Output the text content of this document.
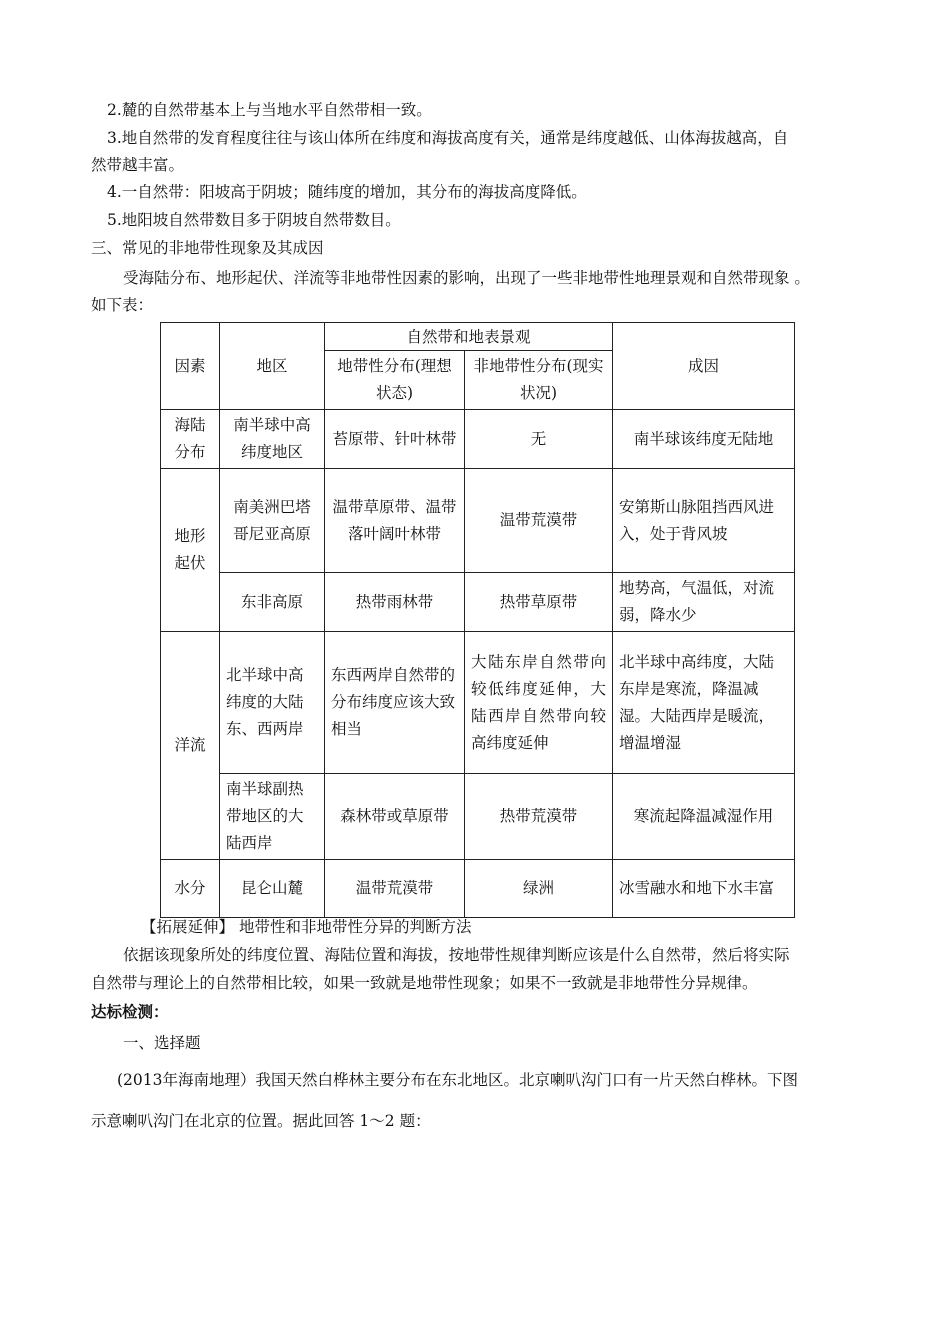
2.麓的自然带基本上与当地水平自然带相一致。
3.地自然带的发育程度往往与该山体所在纬度和海拔高度有关，通常是纬度越低、山体海拔越高，自
然带越丰富。
4.一自然带：阳坡高于阴坡；随纬度的增加，其分布的海拔高度降低。
5.地阳坡自然带数目多于阴坡自然带数目。
三、常见的非地带性现象及其成因
受海陆分布、地形起伏、洋流等非地带性因素的影响，出现了一些非地带性地理景观和自然带现象 。
如下表：
因素	地区	自然带和地表景观		成因
		地带性分布(理想状态)	非地带性分布(现实状况)	
海陆分布	南半球中高纬度地区	苔原带、针叶林带	无	南半球该纬度无陆地
地形起伏	南美洲巴塔哥尼亚高原	温带草原带、温带落叶阔叶林带	温带荒漠带	安第斯山脉阻挡西风进入，处于背风坡
	东非高原	热带雨林带	热带草原带	地势高，气温低，对流弱，降水少
洋流	北半球中高纬度的大陆东、西两岸	东西两岸自然带的分布纬度应该大致相当	大陆东岸自然带向较低纬度延伸，大陆西岸自然带向较高纬度延伸	北半球中高纬度，大陆东岸是寒流，降温减湿。大陆西岸是暖流，增温增湿
	南半球副热带地区的大陆西岸	森林带或草原带	热带荒漠带	寒流起降温减湿作用
水分	昆仑山麓	温带荒漠带	绿洲	冰雪融水和地下水丰富
【拓展延伸】 地带性和非地带性分异的判断方法
依据该现象所处的纬度位置、海陆位置和海拔，按地带性规律判断应该是什么自然带，然后将实际
自然带与理论上的自然带相比较，如果一致就是地带性现象；如果不一致就是非地带性分异规律。
达标检测：
一、选择题
(2013年海南地理）我国天然白桦林主要分布在东北地区。北京喇叭沟门口有一片天然白桦林。下图
示意喇叭沟门在北京的位置。据此回答 1～2 题：
